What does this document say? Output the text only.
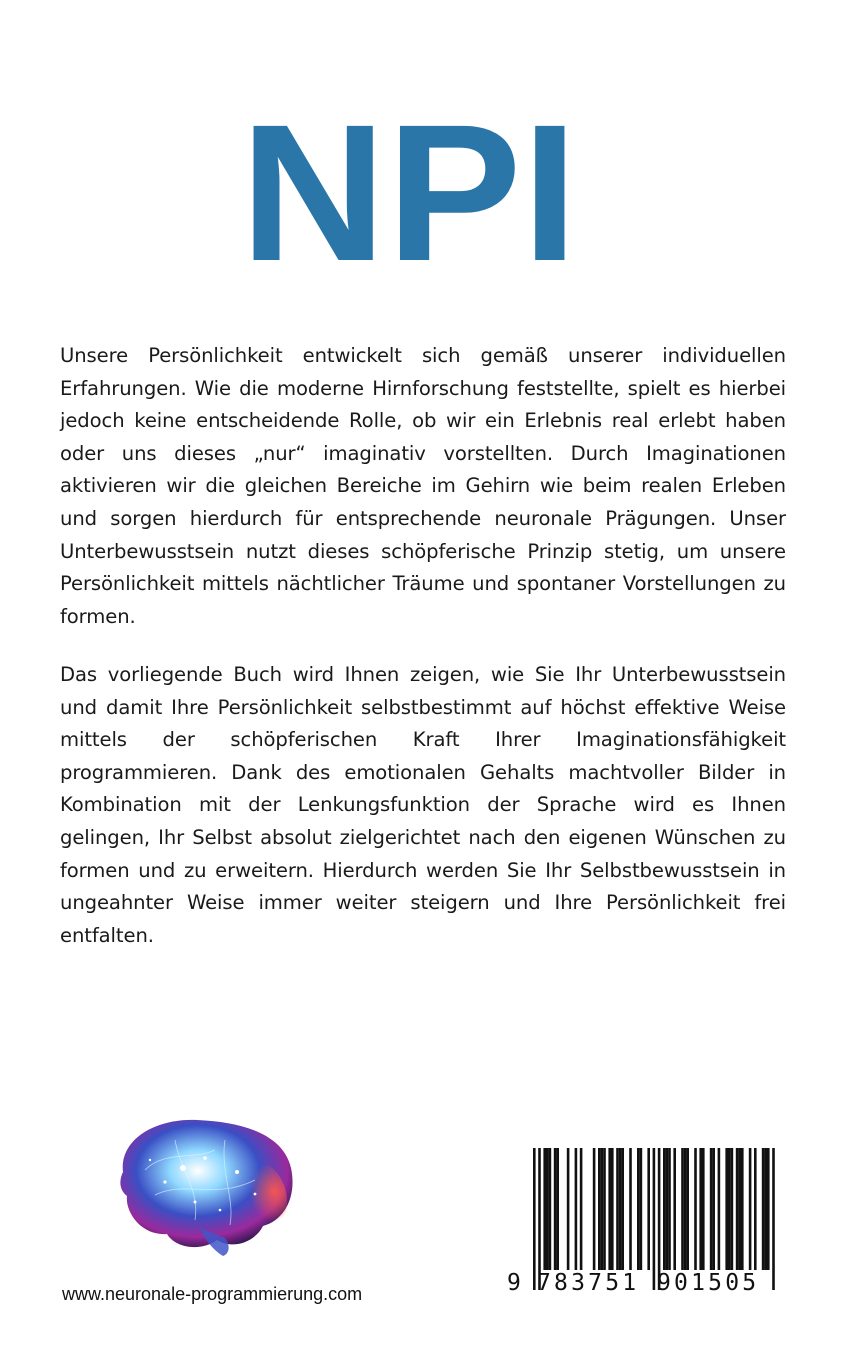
NPI

Unsere Persönlichkeit entwickelt sich gemäß unserer individuellen Erfahrungen. Wie die moderne Hirnforschung feststellte, spielt es hierbei jedoch keine entscheidende Rolle, ob wir ein Erlebnis real erlebt haben oder uns dieses „nur“ imaginativ vorstellten. Durch Imaginationen aktivieren wir die gleichen Bereiche im Gehirn wie beim realen Erleben und sorgen hierdurch für entsprechende neuronale Prägungen. Unser Unterbewusstsein nutzt dieses schöpferische Prinzip stetig, um unsere Persönlichkeit mittels nächtlicher Träume und spontaner Vorstellungen zu formen.

Das vorliegende Buch wird Ihnen zeigen, wie Sie Ihr Unterbewusstsein und damit Ihre Persönlichkeit selbstbestimmt auf höchst effektive Weise mittels der schöpferischen Kraft Ihrer Imaginationsfähigkeit programmieren. Dank des emotionalen Gehalts machtvoller Bilder in Kombination mit der Lenkungsfunktion der Sprache wird es Ihnen gelingen, Ihr Selbst absolut zielgerichtet nach den eigenen Wünschen zu formen und zu erweitern. Hierdurch werden Sie Ihr Selbstbewusstsein in ungeahnter Weise immer weiter steigern und Ihre Persönlichkeit frei entfalten.

www.neuronale-programmierung.com	9 783751 901505
